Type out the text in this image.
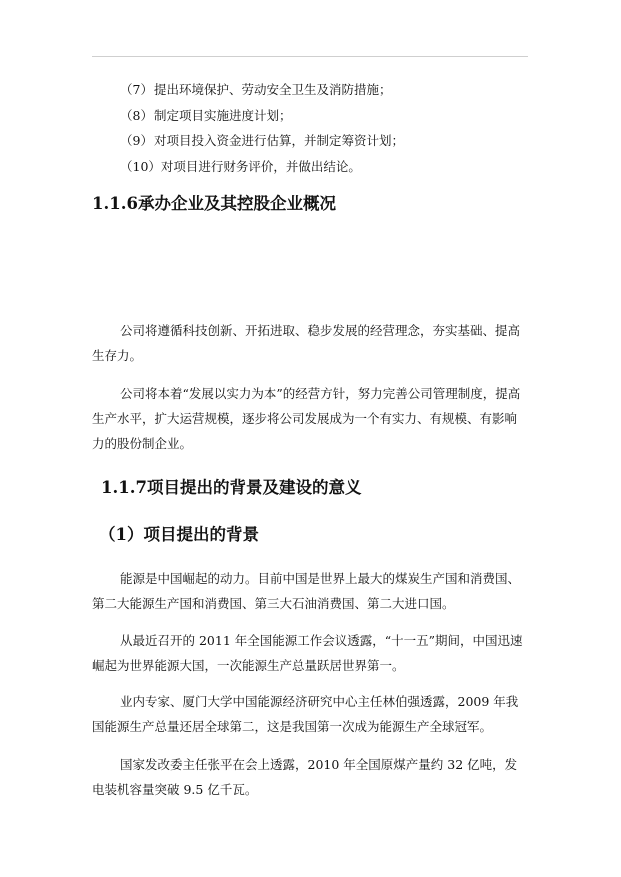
（7）提出环境保护、劳动安全卫生及消防措施；
（8）制定项目实施进度计划；
（9）对项目投入资金进行估算，并制定筹资计划；
（10）对项目进行财务评价，并做出结论。
1.1.6承办企业及其控股企业概况
公司将遵循科技创新、开拓进取、稳步发展的经营理念，夯实基础、提高生存力。
公司将本着“发展以实力为本”的经营方针，努力完善公司管理制度，提高生产水平，扩大运营规模，逐步将公司发展成为一个有实力、有规模、有影响力的股份制企业。
1.1.7项目提出的背景及建设的意义
（1）项目提出的背景
能源是中国崛起的动力。目前中国是世界上最大的煤炭生产国和消费国、第二大能源生产国和消费国、第三大石油消费国、第二大进口国。
从最近召开的 2011 年全国能源工作会议透露，“十一五”期间，中国迅速崛起为世界能源大国，一次能源生产总量跃居世界第一。
业内专家、厦门大学中国能源经济研究中心主任林伯强透露，2009 年我国能源生产总量还居全球第二，这是我国第一次成为能源生产全球冠军。
国家发改委主任张平在会上透露，2010 年全国原煤产量约 32 亿吨，发电装机容量突破 9.5 亿千瓦。
